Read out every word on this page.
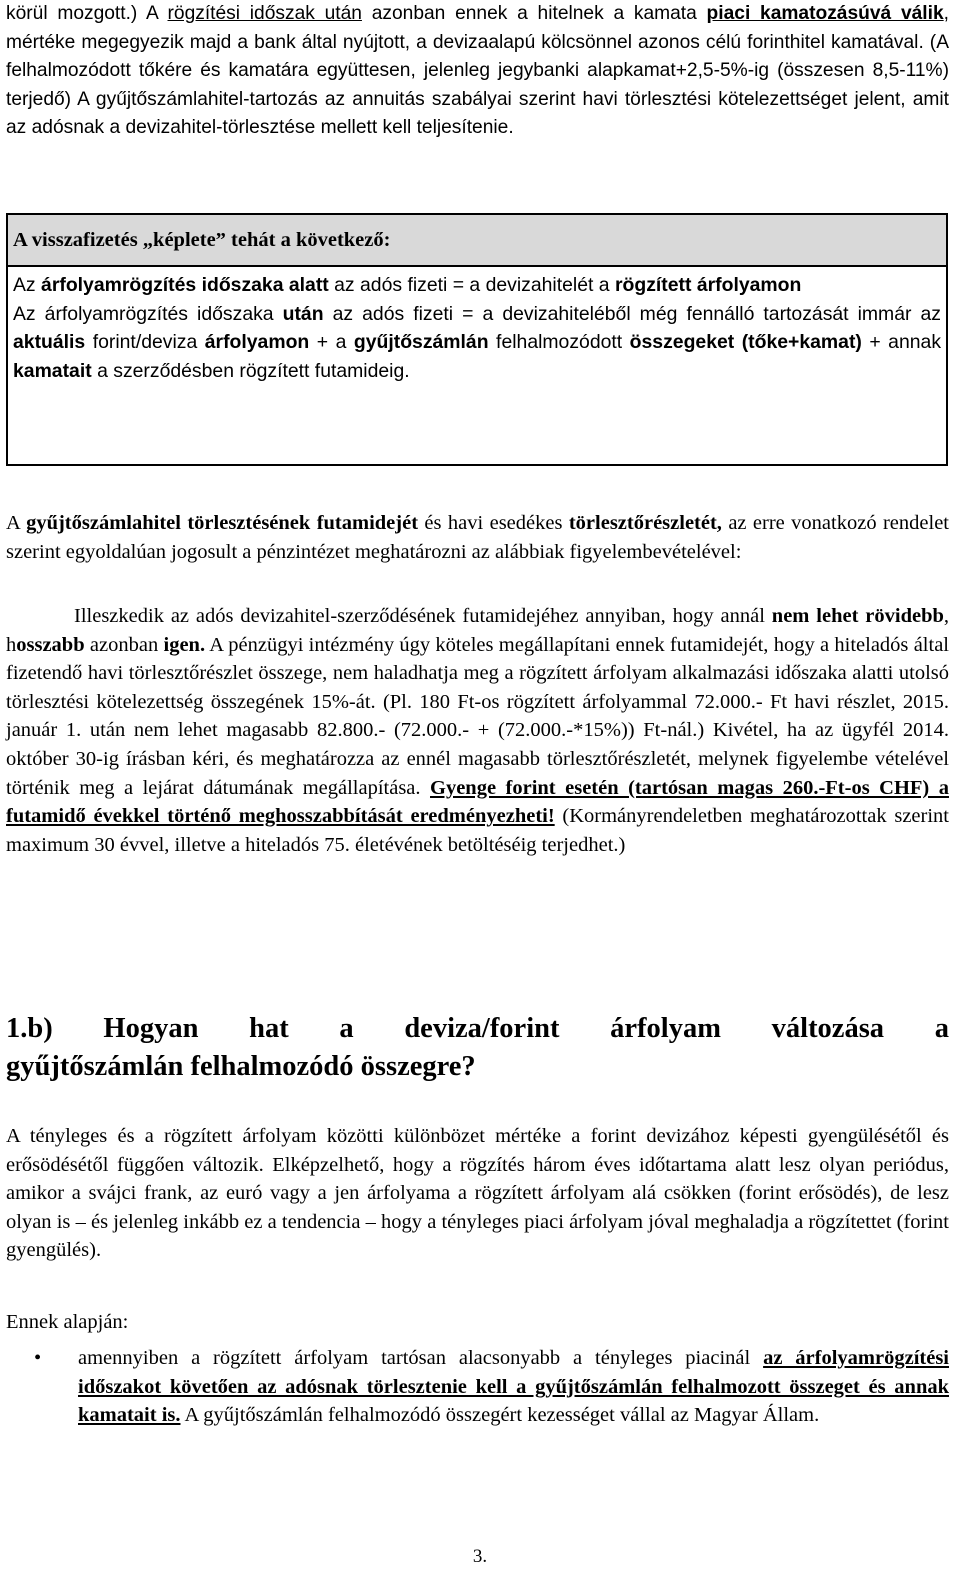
körül mozgott.) A rögzítési időszak után azonban ennek a hitelnek a kamata piaci kamatozásúvá válik, mértéke megegyezik majd a bank által nyújtott, a devizaalapú kölcsönnel azonos célú forinthitel kamatával. (A felhalmozódott tőkére és kamatára együttesen, jelenleg jegybanki alapkamat+2,5-5%-ig (összesen 8,5-11%) terjedő) A gyűjtőszámlahitel-tartozás az annuitás szabályai szerint havi törlesztési kötelezettséget jelent, amit az adósnak a devizahitel-törlesztése mellett kell teljesítenie.

A visszafizetés „képlete” tehát a következő:
Az árfolyamrögzítés időszaka alatt az adós fizeti = a devizahitelét a rögzített árfolyamon
Az árfolyamrögzítés időszaka után az adós fizeti = a devizahiteléből még fennálló tartozását immár az aktuális forint/deviza árfolyamon + a gyűjtőszámlán felhalmozódott összegeket (tőke+kamat) + annak kamatait a szerződésben rögzített futamideig.

A gyűjtőszámlahitel törlesztésének futamidejét és havi esedékes törlesztőrészletét, az erre vonatkozó rendelet szerint egyoldalúan jogosult a pénzintézet meghatározni az alábbiak figyelembevételével:

Illeszkedik az adós devizahitel-szerződésének futamidejéhez annyiban, hogy annál nem lehet rövidebb, hosszabb azonban igen. A pénzügyi intézmény úgy köteles megállapítani ennek futamidejét, hogy a hiteladós által fizetendő havi törlesztőrészlet összege, nem haladhatja meg a rögzített árfolyam alkalmazási időszaka alatti utolsó törlesztési kötelezettség összegének 15%-át. (Pl. 180 Ft-os rögzített árfolyammal 72.000.- Ft havi részlet, 2015. január 1. után nem lehet magasabb 82.800.- (72.000.- + (72.000.-*15%)) Ft-nál.) Kivétel, ha az ügyfél 2014. október 30-ig írásban kéri, és meghatározza az ennél magasabb törlesztőrészletét, melynek figyelembe vételével történik meg a lejárat dátumának megállapítása. Gyenge forint esetén (tartósan magas 260.-Ft-os CHF) a futamidő évekkel történő meghosszabbítását eredményezheti! (Kormányrendeletben meghatározottak szerint maximum 30 évvel, illetve a hiteladós 75. életévének betöltéséig terjedhet.)

1.b) Hogyan hat a deviza/forint árfolyam változása a
gyűjtőszámlán felhalmozódó összegre?

A tényleges és a rögzített árfolyam közötti különbözet mértéke a forint devizához képesti gyengülésétől és erősödésétől függően változik. Elképzelhető, hogy a rögzítés három éves időtartama alatt lesz olyan periódus, amikor a svájci frank, az euró vagy a jen árfolyama a rögzített árfolyam alá csökken (forint erősödés), de lesz olyan is – és jelenleg inkább ez a tendencia – hogy a tényleges piaci árfolyam jóval meghaladja a rögzítettet (forint gyengülés).

Ennek alapján:

• amennyiben a rögzített árfolyam tartósan alacsonyabb a tényleges piacinál az árfolyamrögzítési időszakot követően az adósnak törlesztenie kell a gyűjtőszámlán felhalmozott összeget és annak kamatait is. A gyűjtőszámlán felhalmozódó összegért kezességet vállal az Magyar Állam.
3.
